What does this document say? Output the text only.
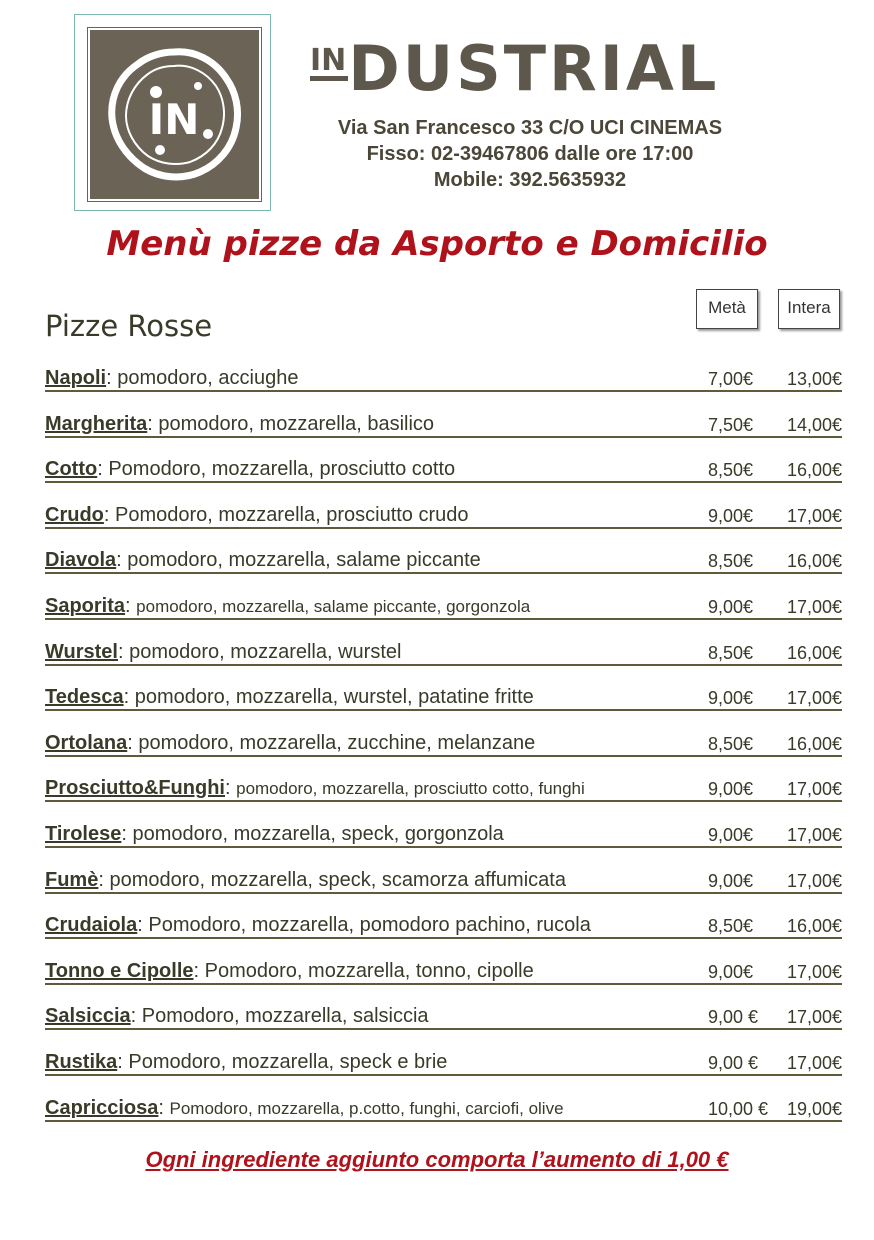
IN
INDUSTRIAL
Via San Francesco 33 C/O UCI CINEMAS
Fisso: 02-39467806 dalle ore 17:00
Mobile: 392.5635932
Menù pizze da Asporto e Domicilio
Pizze Rosse
Metà	Intera
Napoli: pomodoro, acciughe	7,00€ 13,00€
Margherita: pomodoro, mozzarella, basilico	7,50€ 14,00€
Cotto: Pomodoro, mozzarella, prosciutto cotto	8,50€ 16,00€
Crudo: Pomodoro, mozzarella, prosciutto crudo	9,00€ 17,00€
Diavola: pomodoro, mozzarella, salame piccante	8,50€ 16,00€
Saporita: pomodoro, mozzarella, salame piccante, gorgonzola	9,00€ 17,00€
Wurstel: pomodoro, mozzarella, wurstel	8,50€ 16,00€
Tedesca: pomodoro, mozzarella, wurstel, patatine fritte	9,00€ 17,00€
Ortolana: pomodoro, mozzarella, zucchine, melanzane	8,50€ 16,00€
Prosciutto&Funghi: pomodoro, mozzarella, prosciutto cotto, funghi	9,00€ 17,00€
Tirolese: pomodoro, mozzarella, speck, gorgonzola	9,00€ 17,00€
Fumè: pomodoro, mozzarella, speck, scamorza affumicata	9,00€ 17,00€
Crudaiola: Pomodoro, mozzarella, pomodoro pachino, rucola	8,50€ 16,00€
Tonno e Cipolle: Pomodoro, mozzarella, tonno, cipolle	9,00€ 17,00€
Salsiccia: Pomodoro, mozzarella, salsiccia	9,00 € 17,00€
Rustika: Pomodoro, mozzarella, speck e brie	9,00 € 17,00€
Capricciosa: Pomodoro, mozzarella, p.cotto, funghi, carciofi, olive	10,00 € 19,00€
Ogni ingrediente aggiunto comporta l’aumento di 1,00 €
